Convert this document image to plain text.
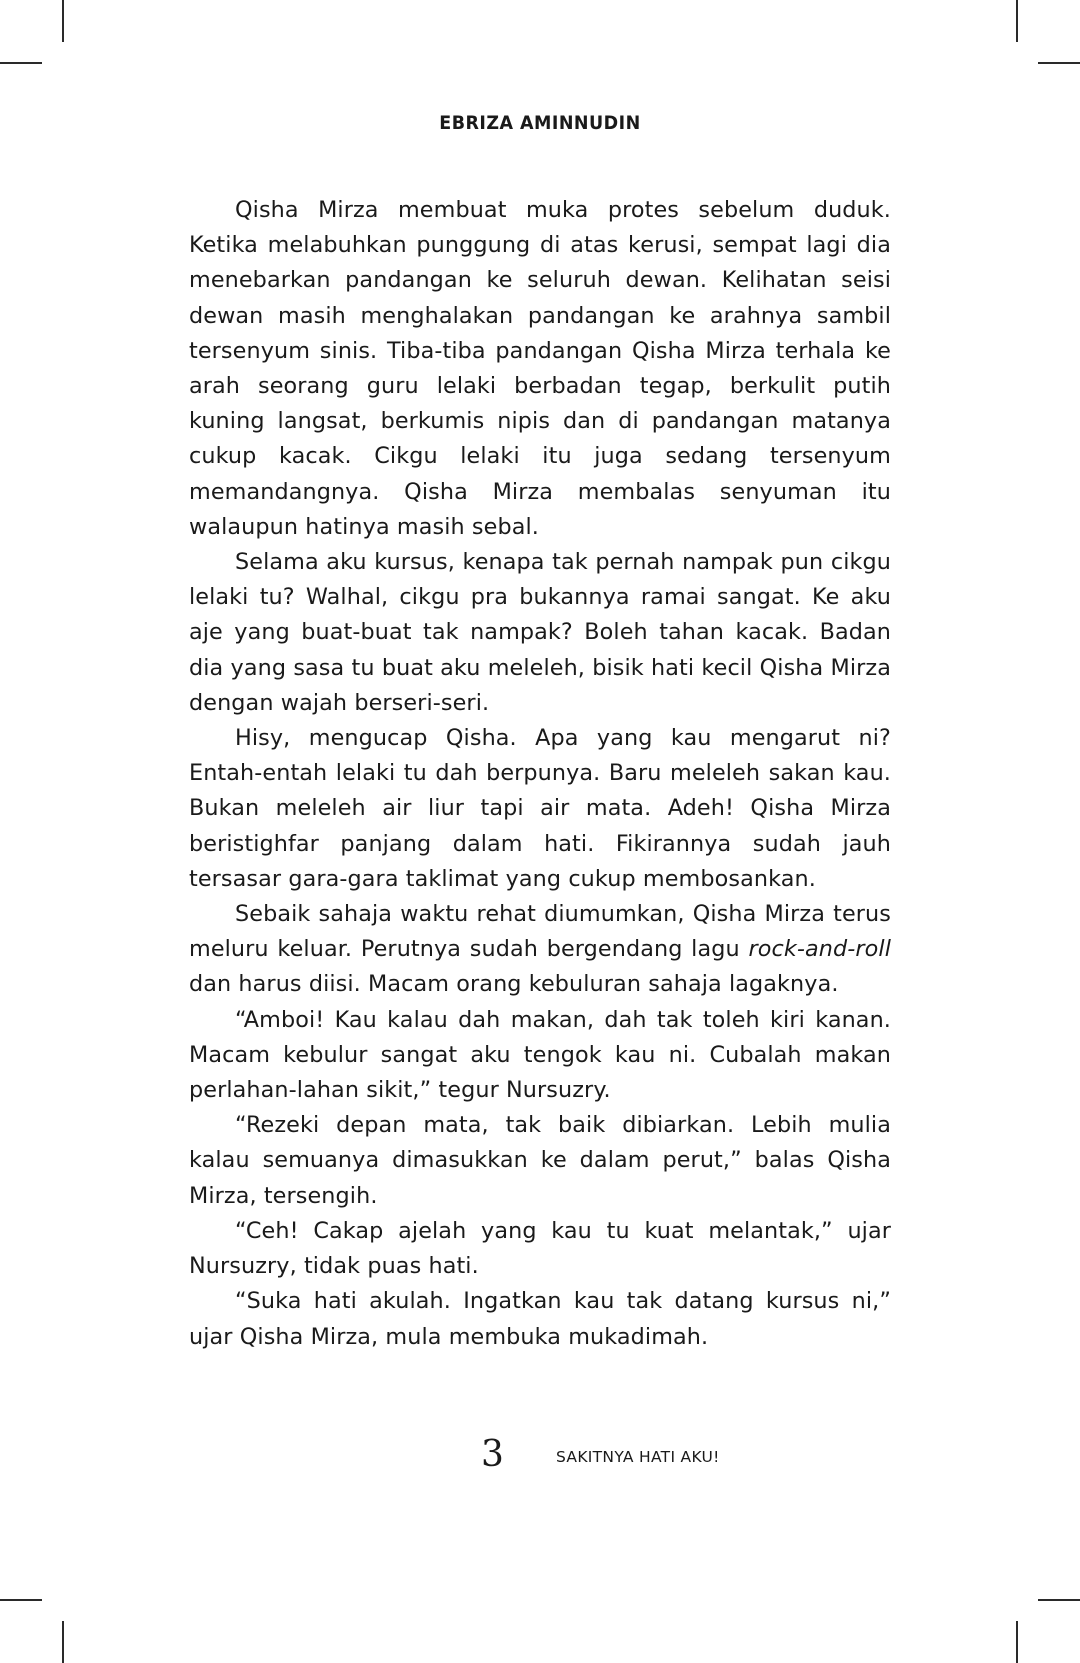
EBRIZA AMINNUDIN

Qisha Mirza membuat muka protes sebelum duduk. Ketika melabuhkan punggung di atas kerusi, sempat lagi dia menebarkan pandangan ke seluruh dewan. Kelihatan seisi dewan masih menghalakan pandangan ke arahnya sambil tersenyum sinis. Tiba-tiba pandangan Qisha Mirza terhala ke arah seorang guru lelaki berbadan tegap, berkulit putih kuning langsat, berkumis nipis dan di pandangan matanya cukup kacak. Cikgu lelaki itu juga sedang tersenyum memandangnya. Qisha Mirza membalas senyuman itu walaupun hatinya masih sebal.

Selama aku kursus, kenapa tak pernah nampak pun cikgu lelaki tu? Walhal, cikgu pra bukannya ramai sangat. Ke aku aje yang buat-buat tak nampak? Boleh tahan kacak. Badan dia yang sasa tu buat aku meleleh, bisik hati kecil Qisha Mirza dengan wajah berseri-seri.

Hisy, mengucap Qisha. Apa yang kau mengarut ni? Entah-entah lelaki tu dah berpunya. Baru meleleh sakan kau. Bukan meleleh air liur tapi air mata. Adeh! Qisha Mirza beristighfar panjang dalam hati. Fikirannya sudah jauh tersasar gara-gara taklimat yang cukup membosankan.

Sebaik sahaja waktu rehat diumumkan, Qisha Mirza terus meluru keluar. Perutnya sudah bergendang lagu rock-and-roll dan harus diisi. Macam orang kebuluran sahaja lagaknya.

“Amboi! Kau kalau dah makan, dah tak toleh kiri kanan. Macam kebulur sangat aku tengok kau ni. Cubalah makan perlahan-lahan sikit,” tegur Nursuzry.

“Rezeki depan mata, tak baik dibiarkan. Lebih mulia kalau semuanya dimasukkan ke dalam perut,” balas Qisha Mirza, tersengih.

“Ceh! Cakap ajelah yang kau tu kuat melantak,” ujar Nursuzry, tidak puas hati.

“Suka hati akulah. Ingatkan kau tak datang kursus ni,” ujar Qisha Mirza, mula membuka mukadimah.

3	SAKITNYA HATI AKU!
